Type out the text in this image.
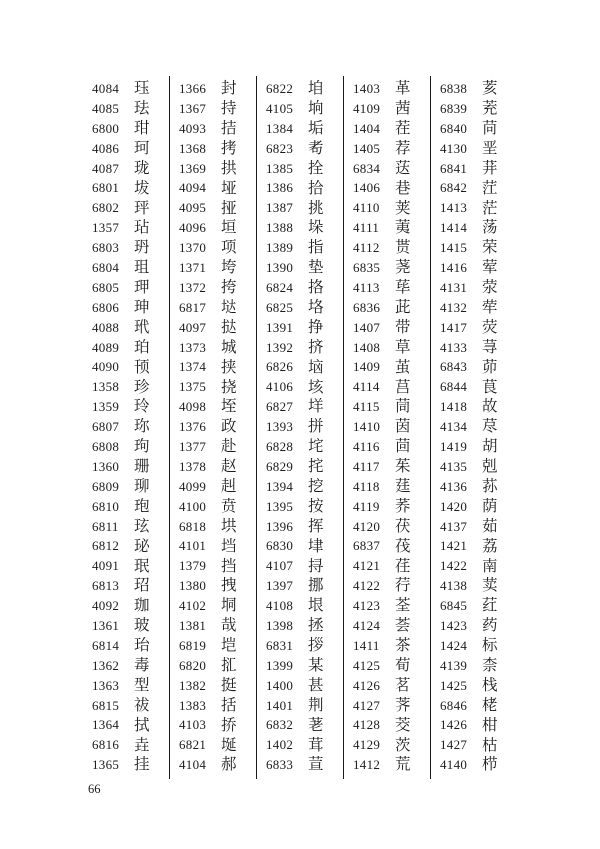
4084 珏
4085 珐
6800 玵
4086 珂
4087 珑
6801 坺
6802 玶
1357 玷
6803 玬
6804 珇
6805 玾
6806 珅
4088 玳
4089 珀
4090 顸
1358 珍
1359 玲
6807 珎
6808 玽
1360 珊
6809 珋
6810 玸
6811 玹
6812 珌
4091 珉
6813 玿
4092 珈
1361 玻
6814 珆
1362 毒
1363 型
6815 祓
1364 拭
6816 垚
1365 挂
1366 封
1367 持
4093 拮
1368 拷
1369 拱
4094 垭
4095 挜
4096 垣
1370 项
1371 垮
1372 挎
6817 垯
4097 挞
1373 城
1374 挟
1375 挠
4098 垤
1376 政
1377 赴
1378 赵
4099 赳
4100 贲
6818 垬
4101 垱
1379 挡
1380 拽
4102 垌
1381 哉
6819 垲
6820 㧟
1382 挺
1383 括
4103 挢
6821 埏
4104 郝
6822 垍
4105 垧
1384 垢
6823 耇
1385 拴
1386 拾
1387 挑
1388 垛
1389 指
1390 垫
6824 挌
6825 垎
1391 挣
1392 挤
6826 垴
4106 垓
6827 垟
1393 拼
6828 垞
6829 挓
1394 挖
1395 按
1396 挥
6830 垏
4107 挦
1397 挪
4108 垠
1398 拯
6831 拶
1399 某
1400 甚
1401 荆
6832 荖
1402 茸
6833 荁
1403 革
4109 茜
1404 茬
1405 荐
6834 荙
1406 巷
4110 荚
4111	荑
4112 贳
6835 荛
4113 荜
6836 茈
1407 带
1408 草
1409 茧
4114 莒
4115 茼
1410 茵
4116 茴
4117 茱
4118 莛
4119 荞
4120 茯
6837 茷
4121 荏
4122 荇
4123 荃
4124 荟
1411 茶
4125 荀
4126 茗
4127 荠
4128 茭
4129 茨
1412 荒
6838 荄
6839 茺
6840 苘
4130 垩
6841 荓
6842 茳
1413 茫
1414 荡
1415 荣
1416 荤
4131 荥
4132 荦
1417 荧
4133 荨
6843 茆
6844 茛
1418 故
4134 荩
1419 胡
4135 剋
4136 荪
1420 荫
4137 茹
1421 荔
1422 南
4138 荬
6845 荭
1423 药
1424 标
4139 柰
1425 栈
6846 栳
1426 柑
1427 枯
4140 栉
66
